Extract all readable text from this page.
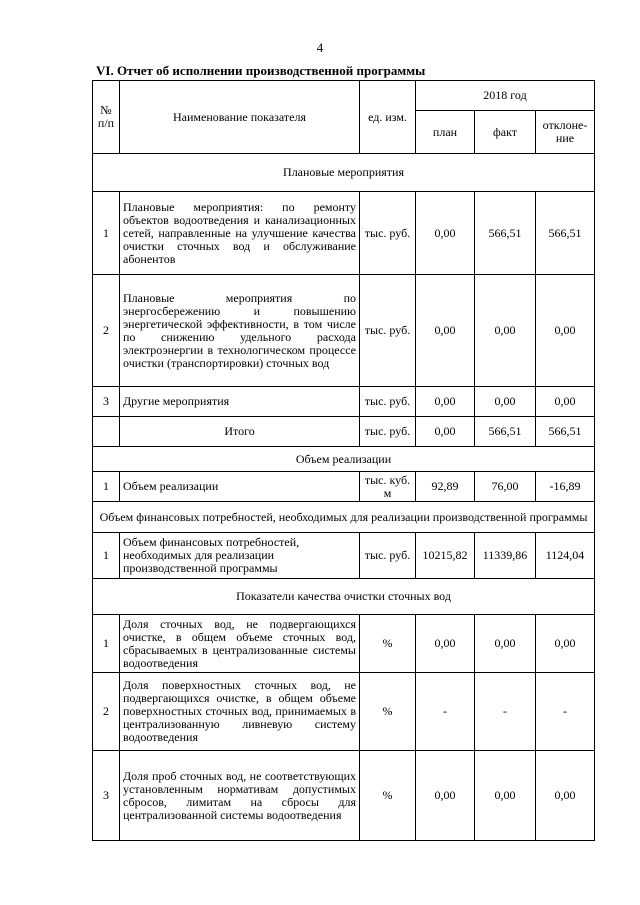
4
VI. Отчет об исполнении производственной программы
№ п/п	Наименование показателя	ед. изм.	2018 год		
			план	факт	отклоне-ние
Плановые мероприятия					
1	Плановые мероприятия: по ремонту объектов водоотведения и канализационных сетей, направленные на улучшение качества очистки сточных вод и обслуживание абонентов	тыс. руб.	0,00	566,51	566,51
2	Плановые мероприятия по энергосбережению и повышению энергетической эффективности, в том числе по снижению удельного расхода электроэнергии в технологическом процессе очистки (транспортировки) сточных вод	тыс. руб.	0,00	0,00	0,00
3	Другие мероприятия	тыс. руб.	0,00	0,00	0,00
	Итого	тыс. руб.	0,00	566,51	566,51
Объем реализации					
1	Объем реализации	тыс. куб. м	92,89	76,00	-16,89
Объем финансовых потребностей, необходимых для реализации производственной программы					
1	Объем финансовых потребностей, необходимых для реализации производственной программы	тыс. руб.	10215,82	11339,86	1124,04
Показатели качества очистки сточных вод					
1	Доля сточных вод, не подвергающихся очистке, в общем объеме сточных вод, сбрасываемых в централизованные системы водоотведения	%	0,00	0,00	0,00
2	Доля поверхностных сточных вод, не подвергающихся очистке, в общем объеме поверхностных сточных вод, принимаемых в централизованную ливневую систему водоотведения	%	-	-	-
3	Доля проб сточных вод, не соответствующих установленным нормативам допустимых сбросов, лимитам на сбросы для централизованной системы водоотведения	%	0,00	0,00	0,00
